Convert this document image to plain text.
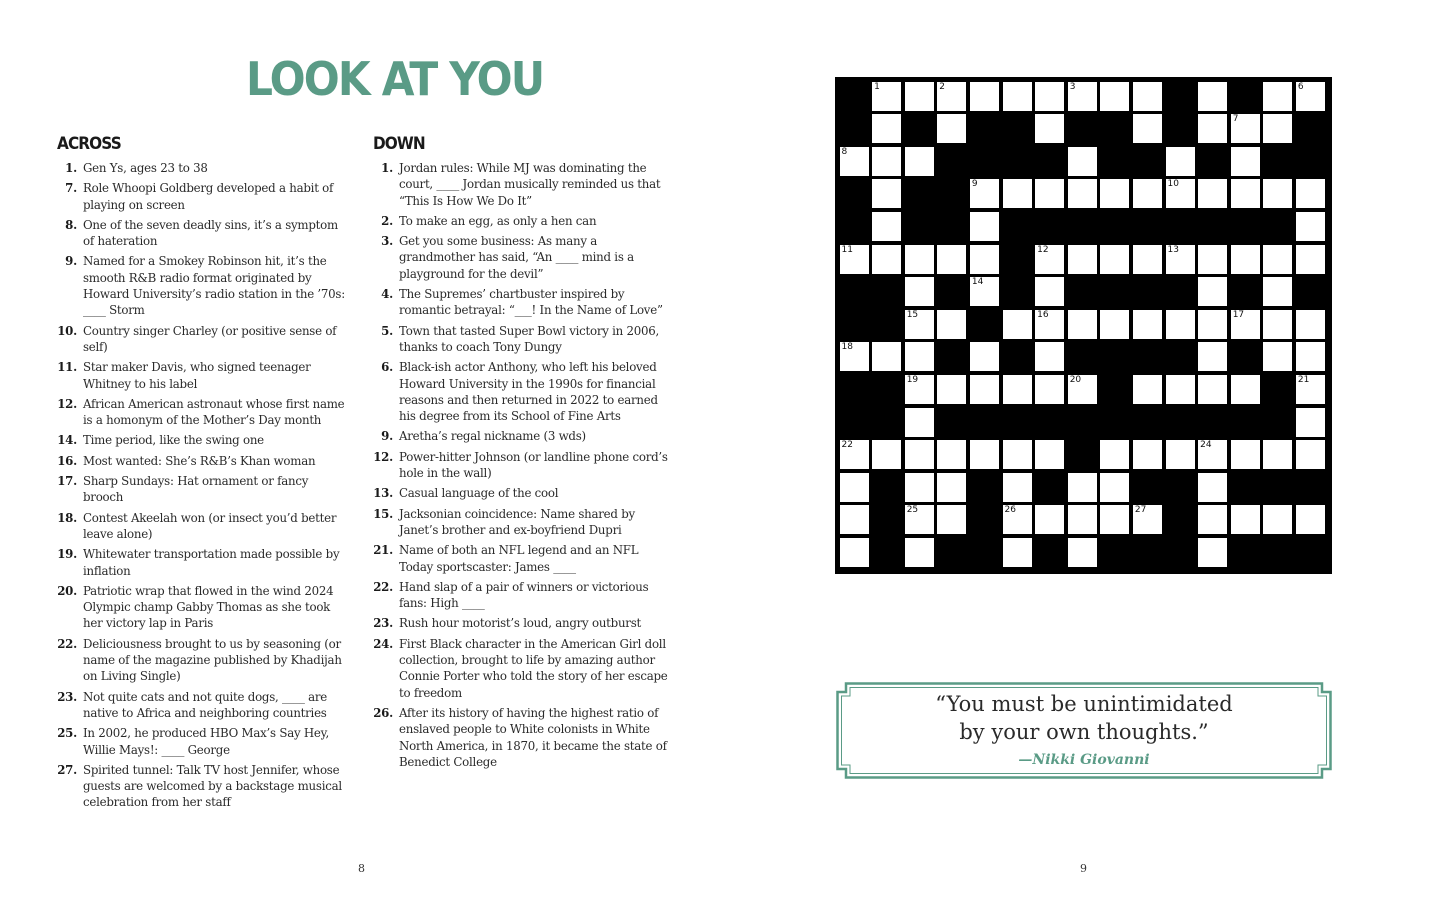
LOOK AT YOU
ACROSS
1. Gen Ys, ages 23 to 38
7. Role Whoopi Goldberg developed a habit of playing on screen
8. One of the seven deadly sins, it’s a symptom of hateration
9. Named for a Smokey Robinson hit, it’s the smooth R&B radio format originated by Howard University’s radio station in the ’70s: ____ Storm
10. Country singer Charley (or positive sense of self)
11. Star maker Davis, who signed teenager Whitney to his label
12. African American astronaut whose first name is a homonym of the Mother’s Day month
14. Time period, like the swing one
16. Most wanted: She’s R&B’s Khan woman
17. Sharp Sundays: Hat ornament or fancy brooch
18. Contest Akeelah won (or insect you’d better leave alone)
19. Whitewater transportation made possible by inflation
20. Patriotic wrap that flowed in the wind 2024 Olympic champ Gabby Thomas as she took her victory lap in Paris
22. Deliciousness brought to us by seasoning (or name of the magazine published by Khadijah on Living Single)
23. Not quite cats and not quite dogs, ____ are native to Africa and neighboring countries
25. In 2002, he produced HBO Max’s Say Hey, Willie Mays!: ____ George
27. Spirited tunnel: Talk TV host Jennifer, whose guests are welcomed by a backstage musical celebration from her staff
DOWN
1. Jordan rules: While MJ was dominating the court, ____ Jordan musically reminded us that “This Is How We Do It”
2. To make an egg, as only a hen can
3. Get you some business: As many a grandmother has said, “An ____ mind is a playground for the devil”
4. The Supremes’ chartbuster inspired by romantic betrayal: “___! In the Name of Love”
5. Town that tasted Super Bowl victory in 2006, thanks to coach Tony Dungy
6. Black-ish actor Anthony, who left his beloved Howard University in the 1990s for financial reasons and then returned in 2022 to earned his degree from its School of Fine Arts
9. Aretha’s regal nickname (3 wds)
12. Power-hitter Johnson (or landline phone cord’s hole in the wall)
13. Casual language of the cool
15. Jacksonian coincidence: Name shared by Janet’s brother and ex-boyfriend Dupri
21. Name of both an NFL legend and an NFL Today sportscaster: James ____
22. Hand slap of a pair of winners or victorious fans: High ____
23. Rush hour motorist’s loud, angry outburst
24. First Black character in the American Girl doll collection, brought to life by amazing author Connie Porter who told the story of her escape to freedom
26. After its history of having the highest ratio of enslaved people to White colonists in White North America, in 1870, it became the state of Benedict College
1	2	3	6
7
8
9	10
11	12	13
14
15	16	17
18
19	20	21
22	24
25	26	27
“You must be unintimidated
by your own thoughts.”
—Nikki Giovanni
8	9
